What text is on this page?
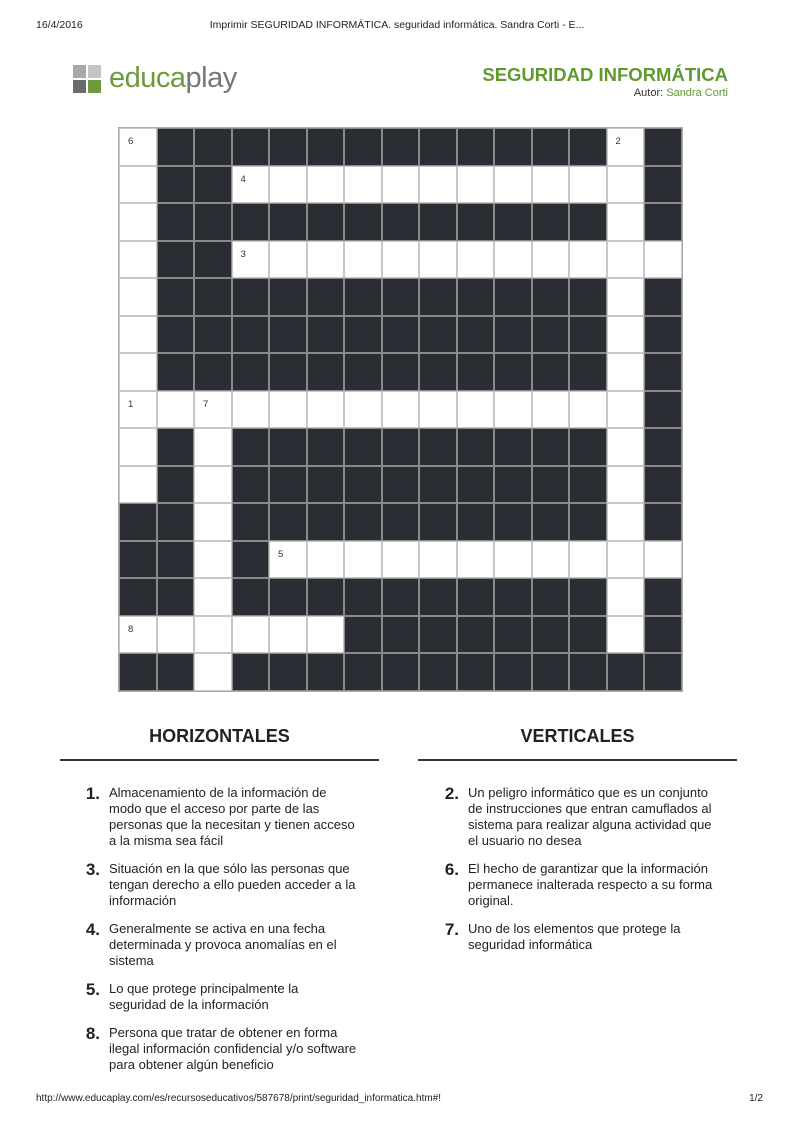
16/4/2016	Imprimir SEGURIDAD INFORMÁTICA. seguridad informática. Sandra Corti - E...
educaplay	SEGURIDAD INFORMÁTICA
Autor: Sandra Corti
6	2
4
3
1	7
5
8
HORIZONTALES	VERTICALES
1. Almacenamiento de la información de modo que el acceso por parte de las personas que la necesitan y tienen acceso a la misma sea fácil
3. Situación en la que sólo las personas que tengan derecho a ello pueden acceder a la información
4. Generalmente se activa en una fecha determinada y provoca anomalías en el sistema
5. Lo que protege principalmente la seguridad de la información
8. Persona que tratar de obtener en forma ilegal información confidencial y/o software para obtener algún beneficio
2. Un peligro informático que es un conjunto de instrucciones que entran camuflados al sistema para realizar alguna actividad que el usuario no desea
6. El hecho de garantizar que la información permanece inalterada respecto a su forma original.
7. Uno de los elementos que protege la seguridad informática
http://www.educaplay.com/es/recursoseducativos/587678/print/seguridad_informatica.htm#!	1/2
